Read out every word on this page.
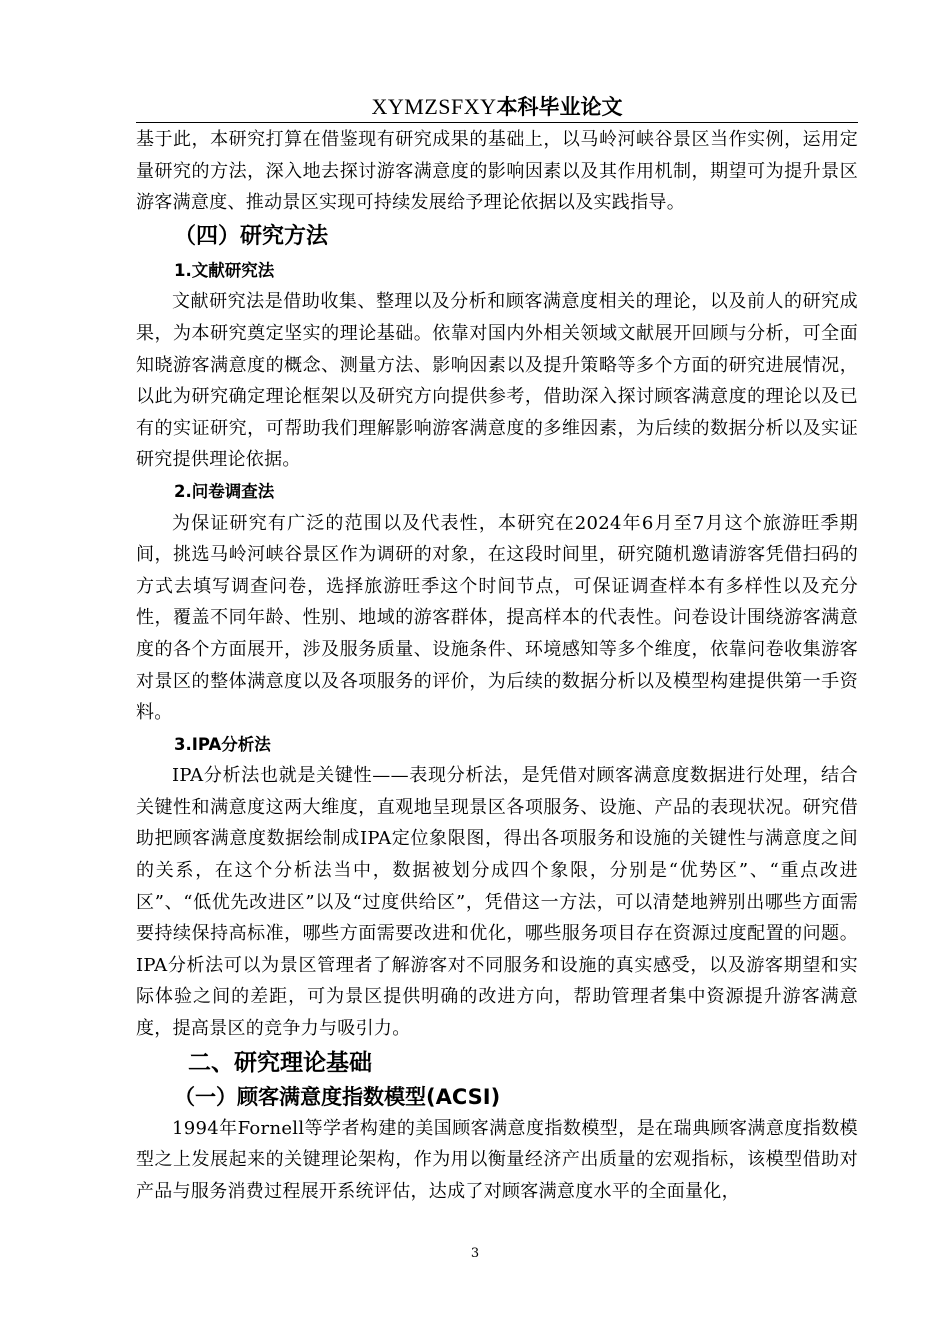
XYMZSFXY本科毕业论文

基于此，本研究打算在借鉴现有研究成果的基础上，以马岭河峡谷景区当作实例，运用定量研究的方法，深入地去探讨游客满意度的影响因素以及其作用机制，期望可为提升景区游客满意度、推动景区实现可持续发展给予理论依据以及实践指导。

（四）研究方法
1.文献研究法

文献研究法是借助收集、整理以及分析和顾客满意度相关的理论，以及前人的研究成果，为本研究奠定坚实的理论基础。依靠对国内外相关领域文献展开回顾与分析，可全面知晓游客满意度的概念、测量方法、影响因素以及提升策略等多个方面的研究进展情况，以此为研究确定理论框架以及研究方向提供参考，借助深入探讨顾客满意度的理论以及已有的实证研究，可帮助我们理解影响游客满意度的多维因素，为后续的数据分析以及实证研究提供理论依据。

2.问卷调查法

为保证研究有广泛的范围以及代表性，本研究在2024年6月至7月这个旅游旺季期间，挑选马岭河峡谷景区作为调研的对象，在这段时间里，研究随机邀请游客凭借扫码的方式去填写调查问卷，选择旅游旺季这个时间节点，可保证调查样本有多样性以及充分性，覆盖不同年龄、性别、地域的游客群体，提高样本的代表性。问卷设计围绕游客满意度的各个方面展开，涉及服务质量、设施条件、环境感知等多个维度，依靠问卷收集游客对景区的整体满意度以及各项服务的评价，为后续的数据分析以及模型构建提供第一手资料。

3.IPA分析法

IPA分析法也就是关键性——表现分析法，是凭借对顾客满意度数据进行处理，结合关键性和满意度这两大维度，直观地呈现景区各项服务、设施、产品的表现状况。研究借助把顾客满意度数据绘制成IPA定位象限图，得出各项服务和设施的关键性与满意度之间的关系，在这个分析法当中，数据被划分成四个象限，分别是“优势区”、“重点改进区”、“低优先改进区”以及“过度供给区”，凭借这一方法，可以清楚地辨别出哪些方面需要持续保持高标准，哪些方面需要改进和优化，哪些服务项目存在资源过度配置的问题。IPA分析法可以为景区管理者了解游客对不同服务和设施的真实感受，以及游客期望和实际体验之间的差距，可为景区提供明确的改进方向，帮助管理者集中资源提升游客满意度，提高景区的竞争力与吸引力。

二、研究理论基础
（一）顾客满意度指数模型(ACSI)

1994年Fornell等学者构建的美国顾客满意度指数模型，是在瑞典顾客满意度指数模型之上发展起来的关键理论架构，作为用以衡量经济产出质量的宏观指标，该模型借助对产品与服务消费过程展开系统评估，达成了对顾客满意度水平的全面量化，

3
